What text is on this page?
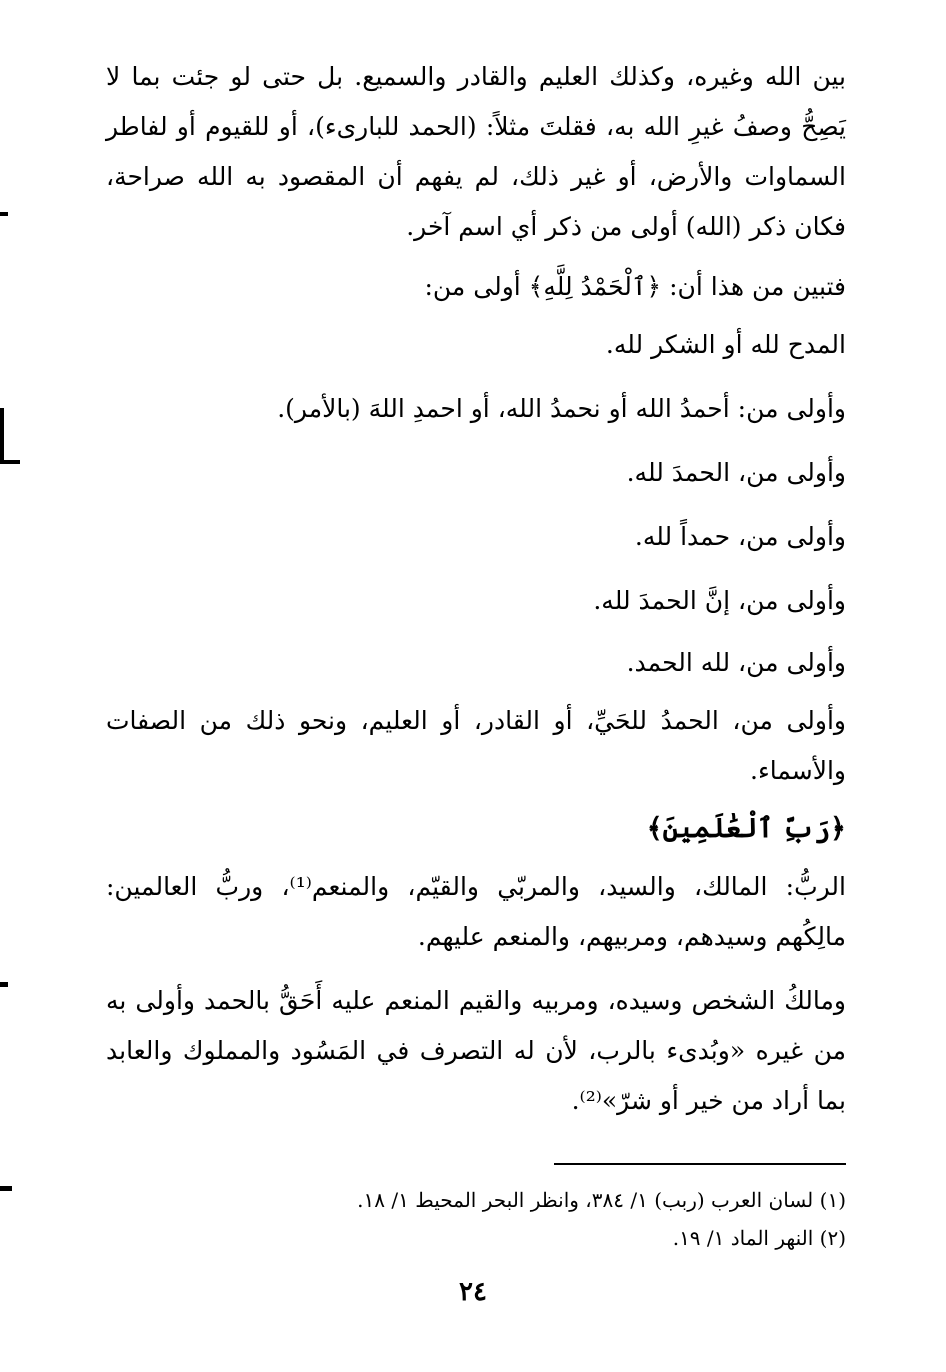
بين الله وغيره، وكذلك العليم والقادر والسميع. بل حتى لو جئت بما لا يَصِحُّ وصفُ غيرِ الله به، فقلتَ مثلاً: (الحمد للبارىء)، أو للقيوم أو لفاطر السماوات والأرض، أو غير ذلك، لم يفهم أن المقصود به الله صراحة، فكان ذكر (الله) أولى من ذكر أي اسم آخر.
فتبين من هذا أن: ﴿ٱلْحَمْدُ لِلَّهِ﴾ أولى من:
المدح لله أو الشكر لله.
وأولى من: أحمدُ الله أو نحمدُ الله، أو احمدِ اللهَ (بالأمر).
وأولى من، الحمدَ لله.
وأولى من، حمداً لله.
وأولى من، إنَّ الحمدَ لله.
وأولى من، لله الحمد.
وأولى من، الحمدُ للحَيِّ، أو القادر، أو العليم، ونحو ذلك من الصفات والأسماء.
﴿رَبِّ ٱلْعَٰلَمِينَ﴾
الربُّ: المالك، والسيد، والمربّي والقيّم، والمنعم⁽¹⁾، وربُّ العالمين: مالِكُهم وسيدهم، ومربيهم، والمنعم عليهم.
ومالكُ الشخص وسيده، ومربيه والقيم المنعم عليه أَحَقُّ بالحمد وأولى به من غيره «وبُدىء بالرب، لأن له التصرف في المَسُود والمملوك والعابد بما أراد من خير أو شرّ»⁽²⁾.
(١) لسان العرب (ربب) ١/ ٣٨٤، وانظر البحر المحيط ١/ ١٨.
(٢) النهر الماد ١/ ١٩.
٢٤
